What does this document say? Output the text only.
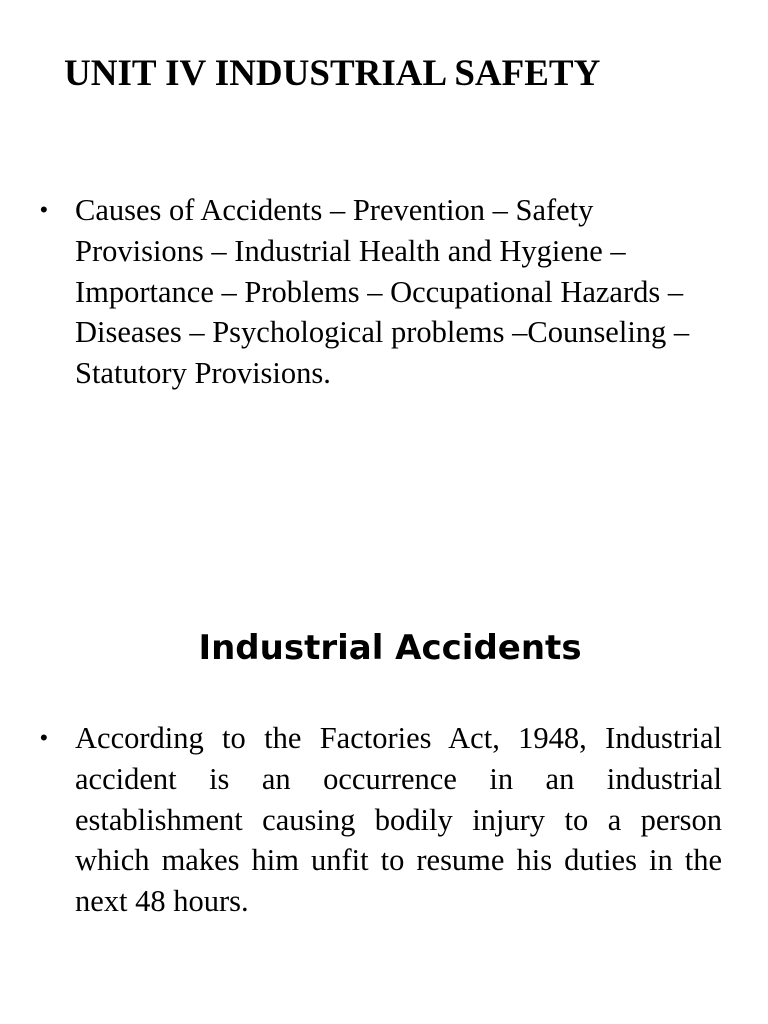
UNIT IV INDUSTRIAL SAFETY
• Causes of Accidents – Prevention – Safety Provisions – Industrial Health and Hygiene – Importance – Problems – Occupational Hazards – Diseases – Psychological problems –Counseling – Statutory Provisions.
Industrial Accidents
• According to the Factories Act, 1948, Industrial accident is an occurrence in an industrial establishment causing bodily injury to a person which makes him unfit to resume his duties in the next 48 hours.
